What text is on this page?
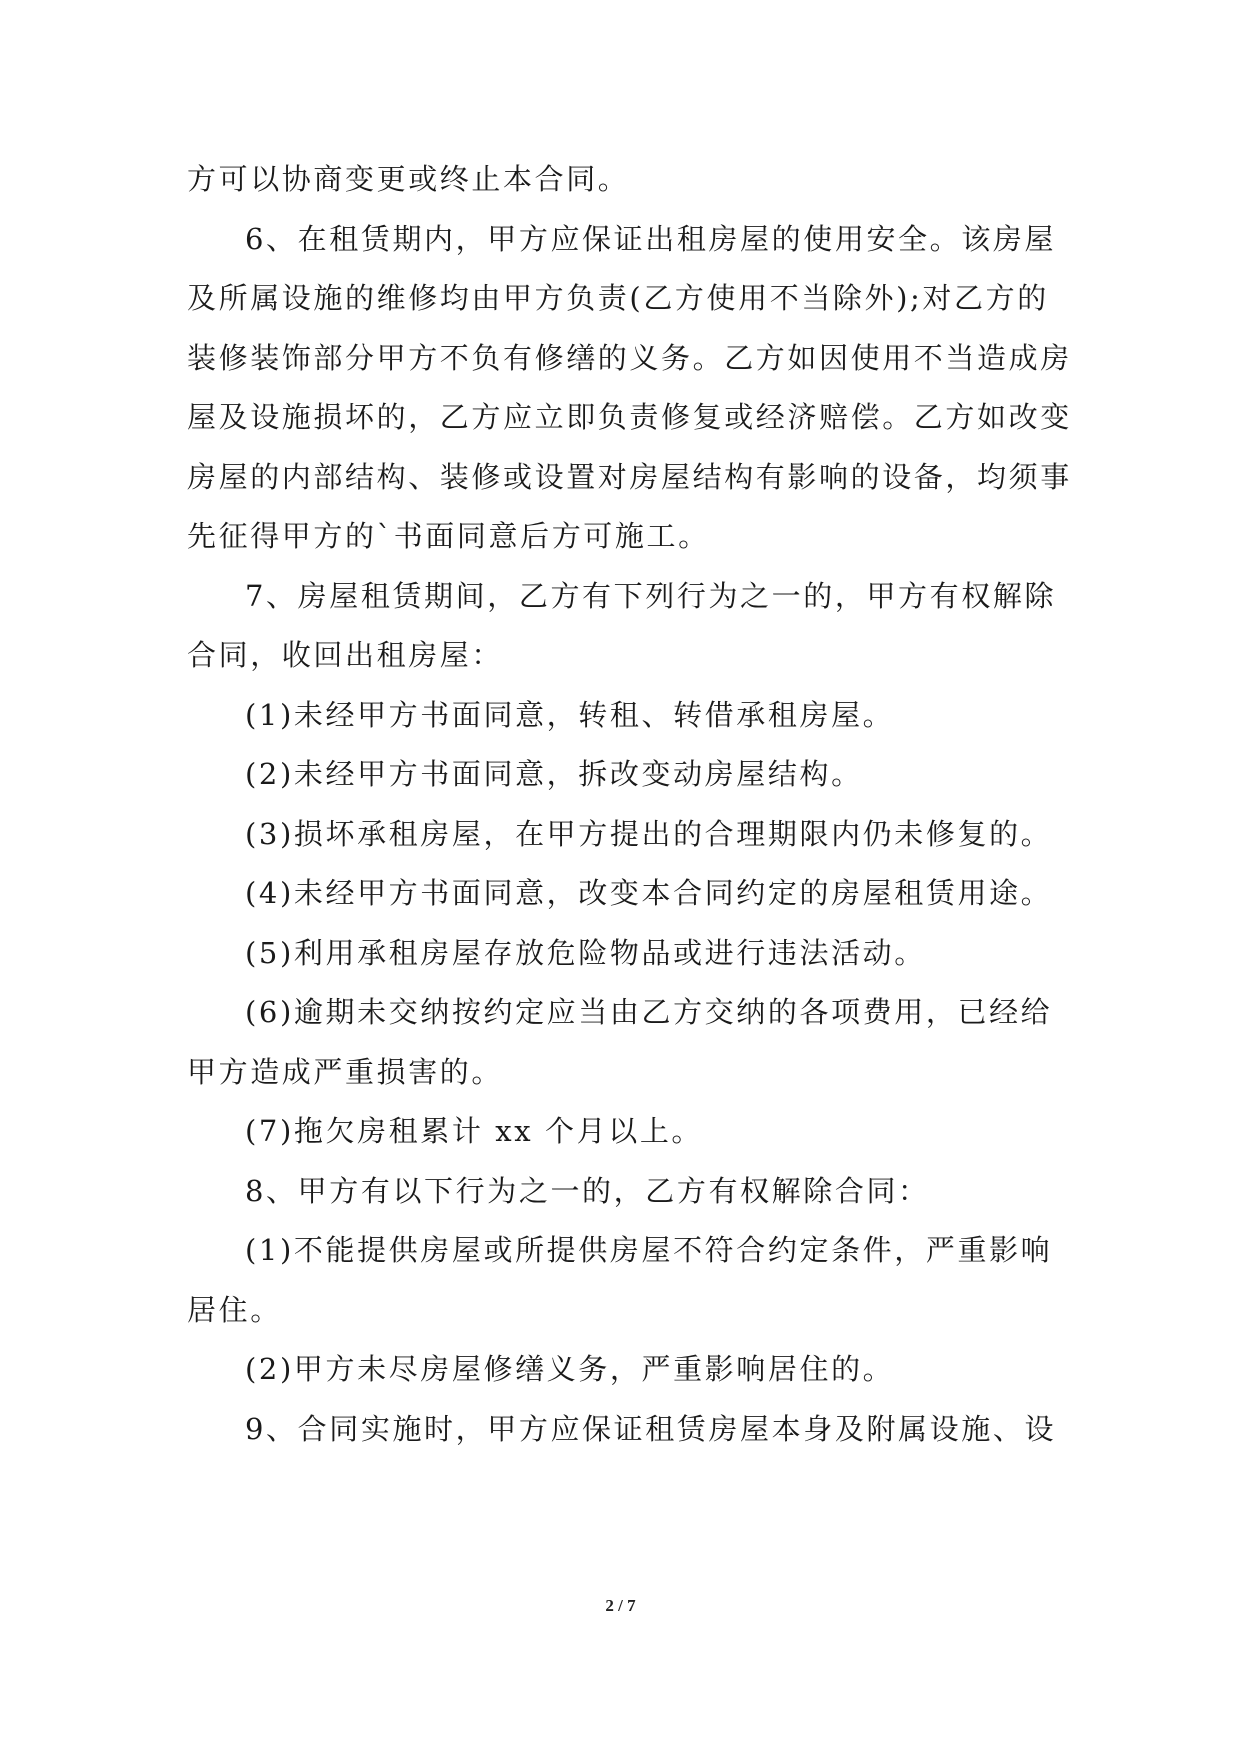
方可以协商变更或终止本合同。
6、在租赁期内，甲方应保证出租房屋的使用安全。该房屋
及所属设施的维修均由甲方负责(乙方使用不当除外);对乙方的
装修装饰部分甲方不负有修缮的义务。乙方如因使用不当造成房
屋及设施损坏的，乙方应立即负责修复或经济赔偿。乙方如改变
房屋的内部结构、装修或设置对房屋结构有影响的设备，均须事
先征得甲方的`书面同意后方可施工。
7、房屋租赁期间，乙方有下列行为之一的，甲方有权解除
合同，收回出租房屋：
(1)未经甲方书面同意，转租、转借承租房屋。
(2)未经甲方书面同意，拆改变动房屋结构。
(3)损坏承租房屋，在甲方提出的合理期限内仍未修复的。
(4)未经甲方书面同意，改变本合同约定的房屋租赁用途。
(5)利用承租房屋存放危险物品或进行违法活动。
(6)逾期未交纳按约定应当由乙方交纳的各项费用，已经给
甲方造成严重损害的。
(7)拖欠房租累计 xx 个月以上。
8、甲方有以下行为之一的，乙方有权解除合同：
(1)不能提供房屋或所提供房屋不符合约定条件，严重影响
居住。
(2)甲方未尽房屋修缮义务，严重影响居住的。
9、合同实施时，甲方应保证租赁房屋本身及附属设施、设
2 / 7
